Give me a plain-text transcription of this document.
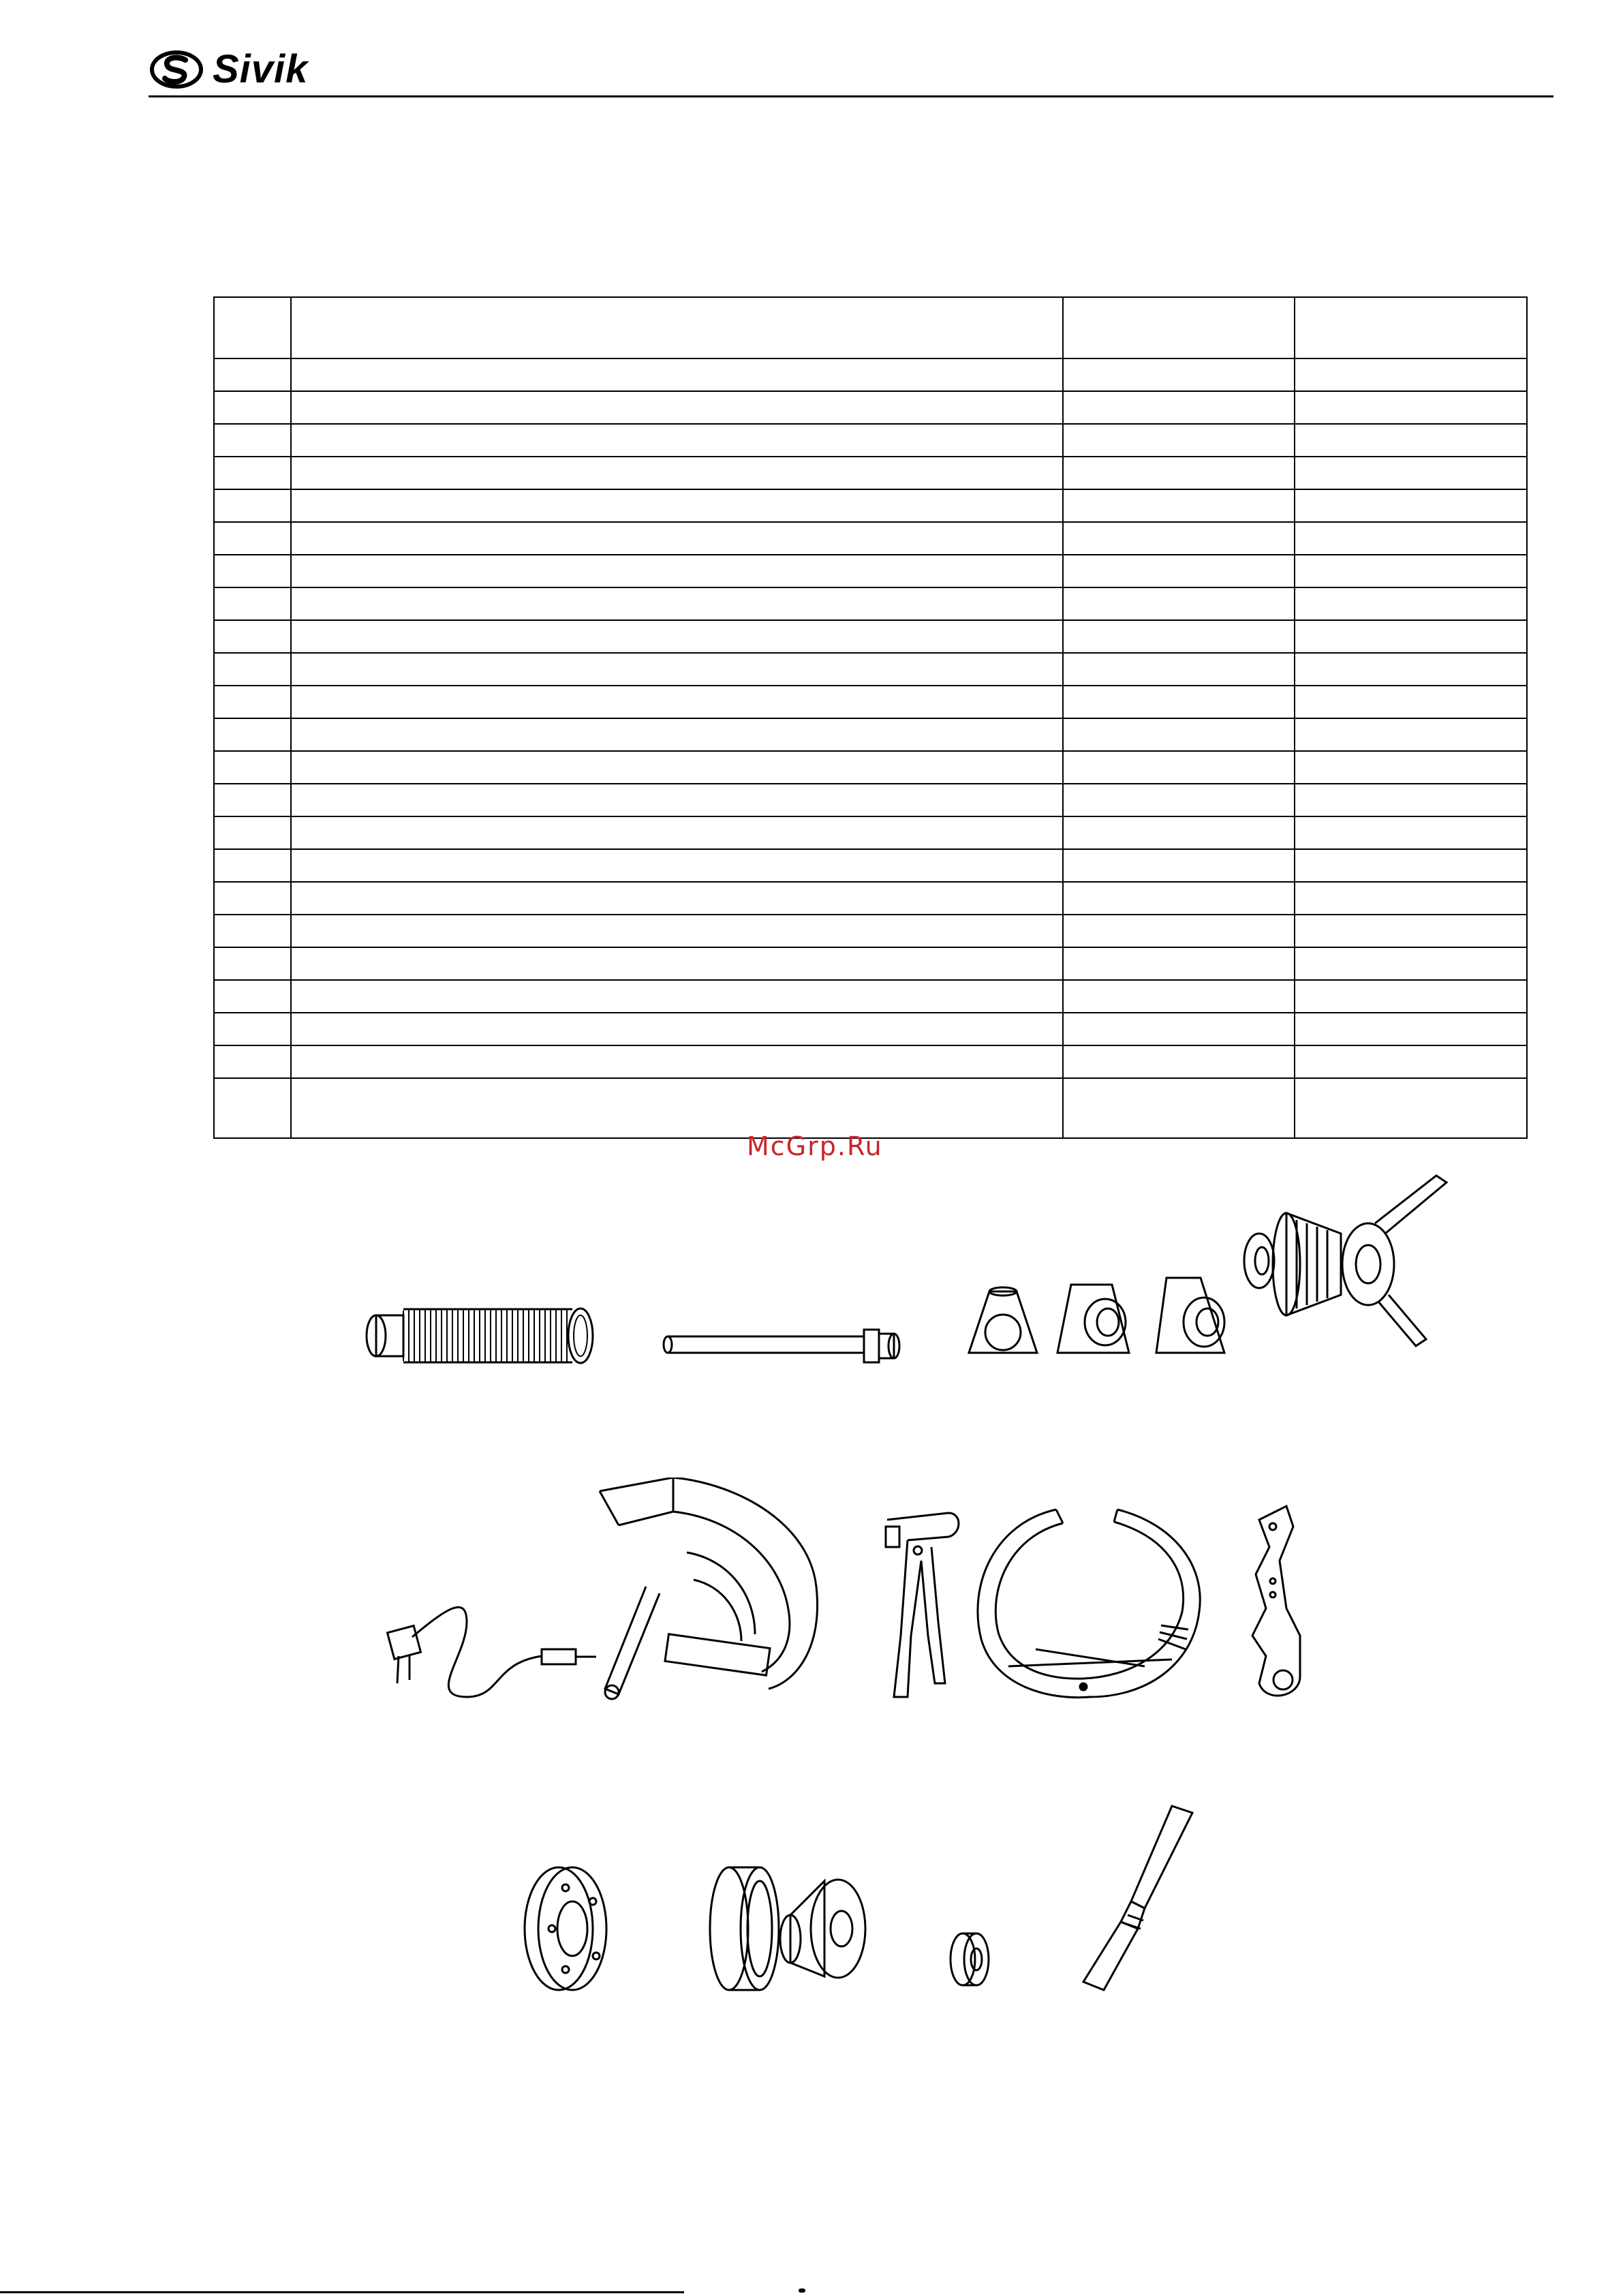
Sivik

McGrp.Ru
